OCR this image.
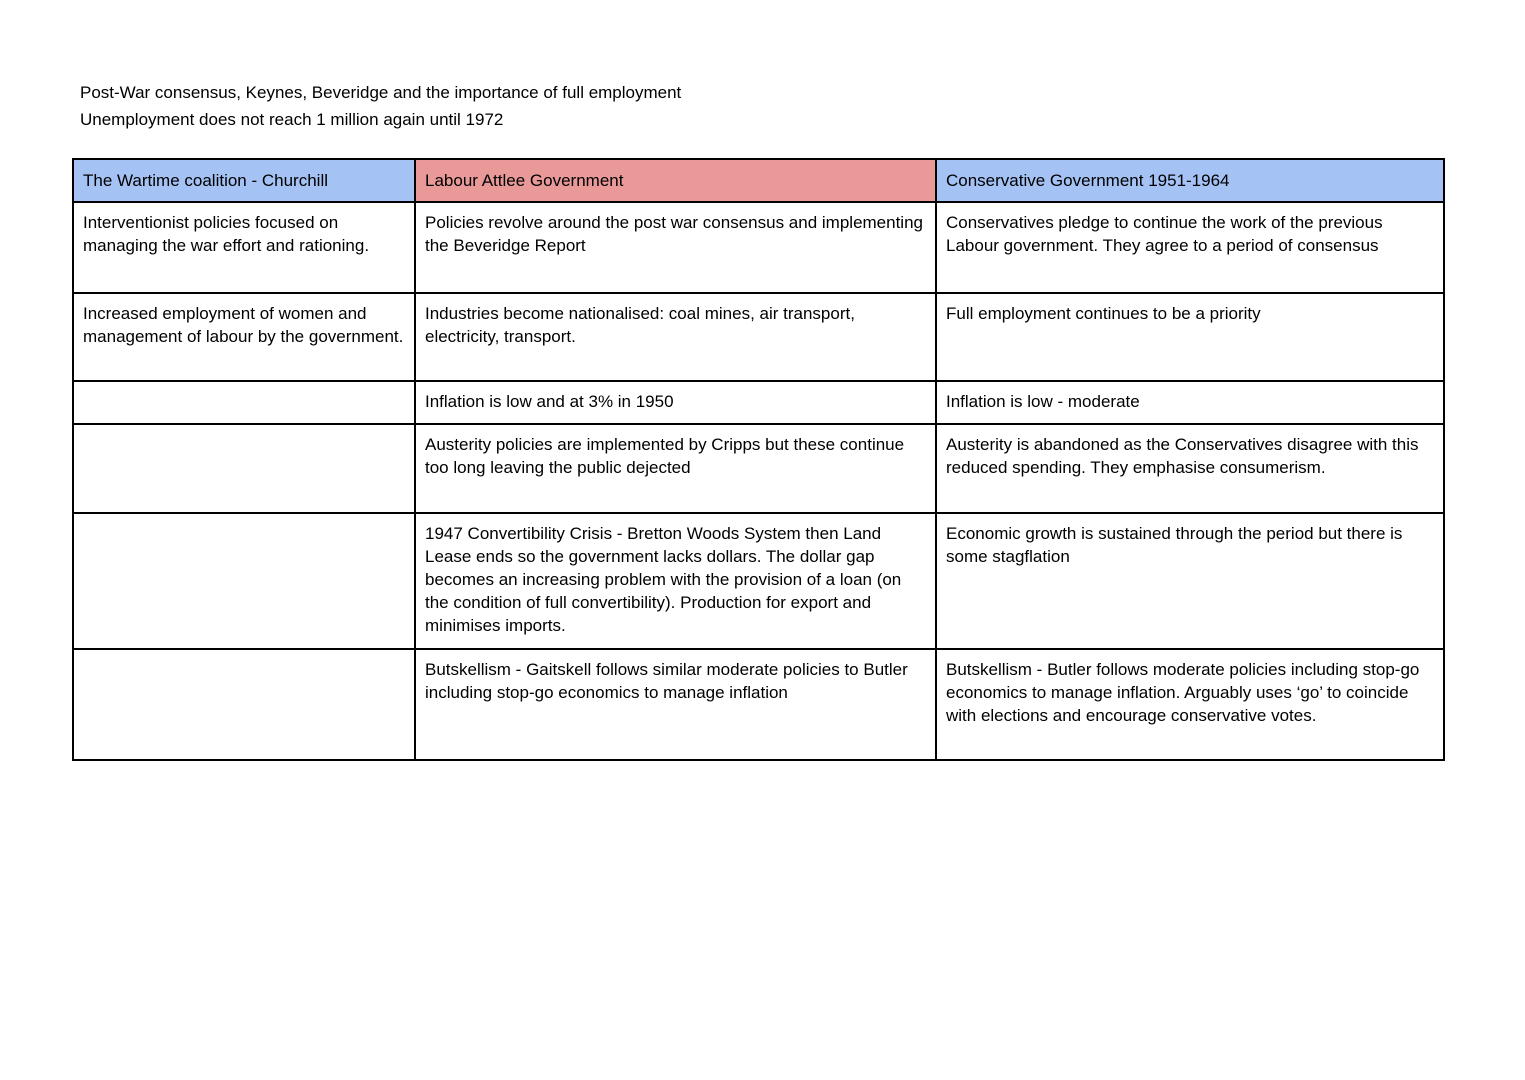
Post-War consensus, Keynes, Beveridge and the importance of full employment
Unemployment does not reach 1 million again until 1972
The Wartime coalition - Churchill	Labour Attlee Government	Conservative Government 1951-1964
Interventionist policies focused on managing the war effort and rationing.	Policies revolve around the post war consensus and implementing the Beveridge Report	Conservatives pledge to continue the work of the previous Labour government. They agree to a period of consensus
Increased employment of women and management of labour by the government.	Industries become nationalised: coal mines, air transport, electricity, transport.	Full employment continues to be a priority
	Inflation is low and at 3% in 1950	Inflation is low - moderate
	Austerity policies are implemented by Cripps but these continue too long leaving the public dejected	Austerity is abandoned as the Conservatives disagree with this reduced spending. They emphasise consumerism.
	1947 Convertibility Crisis - Bretton Woods System then Land Lease ends so the government lacks dollars. The dollar gap becomes an increasing problem with the provision of a loan (on the condition of full convertibility). Production for export and minimises imports.	Economic growth is sustained through the period but there is some stagflation
	Butskellism - Gaitskell follows similar moderate policies to Butler including stop-go economics to manage inflation	Butskellism - Butler follows moderate policies including stop-go economics to manage inflation. Arguably uses ‘go’ to coincide with elections and encourage conservative votes.
